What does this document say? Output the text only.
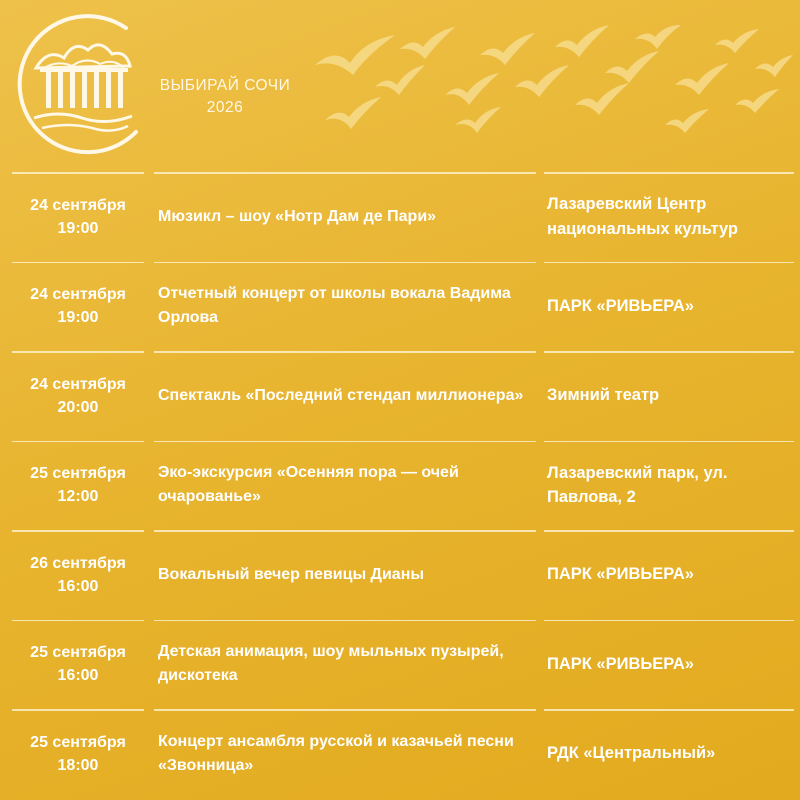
ВЫБИРАЙ СОЧИ
2026
24 сентября
19:00
Мюзикл – шоу «Нотр Дам де Пари»
Лазаревский Центр национальных культур
24 сентября
19:00
Отчетный концерт от школы вокала Вадима Орлова
ПАРК «РИВЬЕРА»
24 сентября
20:00
Спектакль «Последний стендап миллионера»	Зимний театр
25 сентября
12:00
Эко-экскурсия «Осенняя пора — очей очарованье»
Лазаревский парк, ул. Павлова, 2
26 сентября
16:00
Вокальный вечер певицы Дианы	ПАРК «РИВЬЕРА»
25 сентября
16:00
Детская анимация, шоу мыльных пузырей, дискотека
ПАРК «РИВЬЕРА»
25 сентября
18:00
Концерт ансамбля русской и казачьей песни «Звонница»
РДК «Центральный»
